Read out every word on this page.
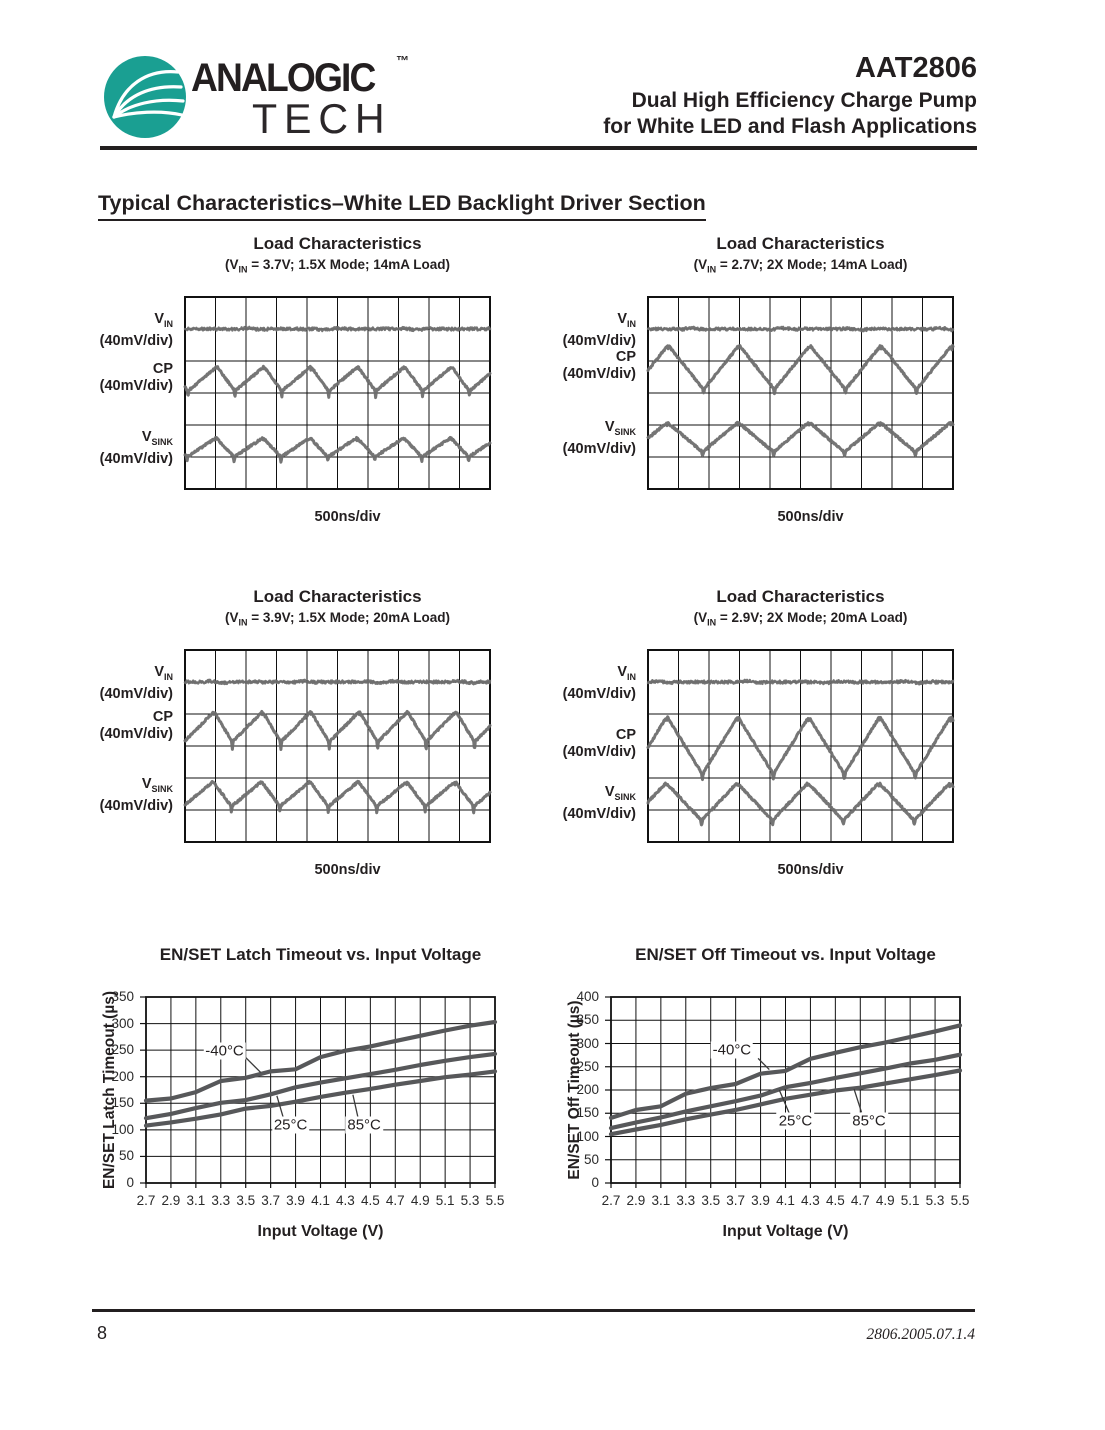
ANALOGIC ™
TECH
AAT2806
Dual High Efficiency Charge Pump
for White LED and Flash Applications
Typical Characteristics–White LED Backlight Driver Section
Load Characteristics
($V_{IN} = 3.7V$; 1.5X Mode; 14mA Load)
$V_{IN}$
(40mV/div)
CP
(40mV/div)
$V_{SINK}$
(40mV/div)
500ns/div
Load Characteristics
($V_{IN} = 2.7V$; 2X Mode; 14mA Load)
$V_{IN}$
(40mV/div)
CP
(40mV/div)
$V_{SINK}$
(40mV/div)
500ns/div
Load Characteristics
($V_{IN} = 3.9V$; 1.5X Mode; 20mA Load)
$V_{IN}$
(40mV/div)
CP
(40mV/div)
$V_{SINK}$
(40mV/div)
500ns/div
Load Characteristics
($V_{IN} = 2.9V$; 2X Mode; 20mA Load)
$V_{IN}$
(40mV/div)
CP
(40mV/div)
$V_{SINK}$
(40mV/div)
500ns/div
EN/SET Latch Timeout vs. Input Voltage
-40°C
25°C	85°C
0
50
100
150
200
250
300
350
2.7 2.9 3.1 3.3 3.5 3.7 3.9 4.1 4.3 4.5 4.7 4.9 5.1 5.3 5.5
EN/SET Latch Timeout (µs)
Input Voltage (V)
EN/SET Off Timeout vs. Input Voltage
-40°C
25°C	85°C
0
50
100
150
200
250
300
350
400
2.7 2.9 3.1 3.3 3.5 3.7 3.9 4.1 4.3 4.5 4.7 4.9 5.1 5.3 5.5
EN/SET Off Timeout (µs)
Input Voltage (V)
8	2806.2005.07.1.4
